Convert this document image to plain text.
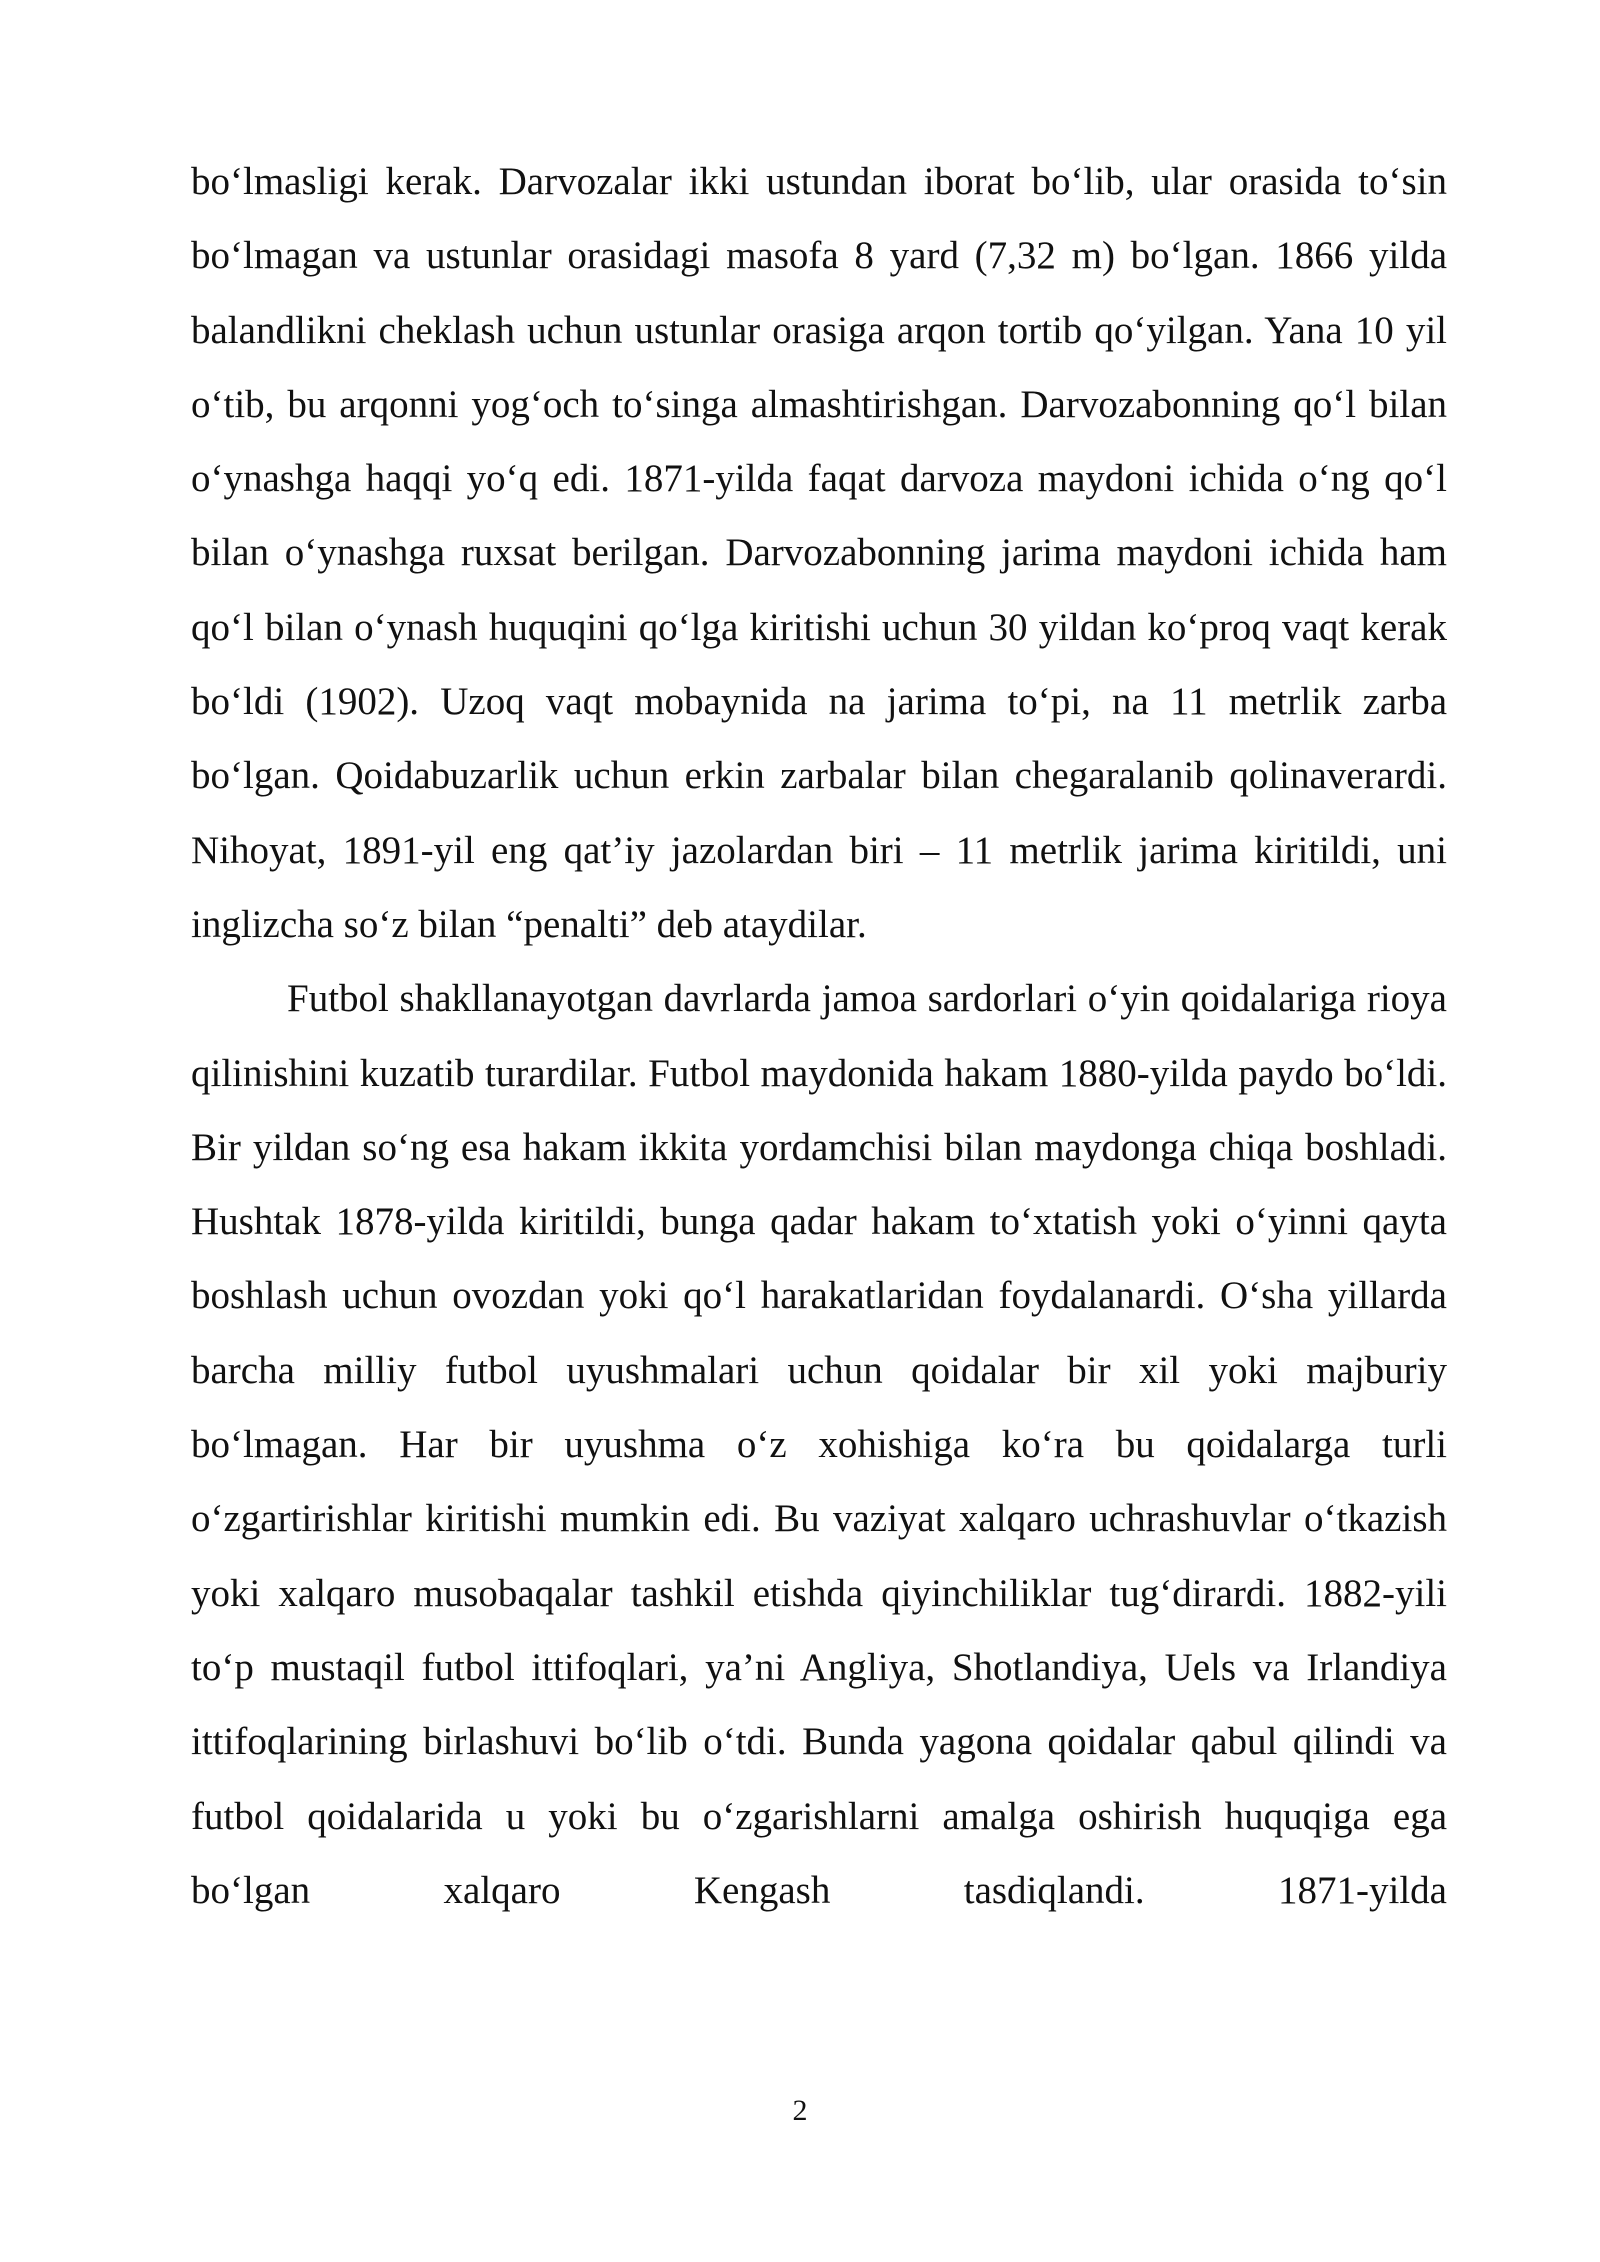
bo‘lmasligi kerak. Darvozalar ikki ustundan iborat bo‘lib, ular orasida to‘sin bo‘lmagan va ustunlar orasidagi masofa 8 yard (7,32 m) bo‘lgan. 1866 yilda balandlikni cheklash uchun ustunlar orasiga arqon tortib qo‘yilgan. Yana 10 yil o‘tib, bu arqonni yog‘och to‘singa almashtirishgan. Darvozabonning qo‘l bilan o‘ynashga haqqi yo‘q edi. 1871-yilda faqat darvoza maydoni ichida o‘ng qo‘l bilan o‘ynashga ruxsat berilgan. Darvozabonning jarima maydoni ichida ham qo‘l bilan o‘ynash huquqini qo‘lga kiritishi uchun 30 yildan ko‘proq vaqt kerak bo‘ldi (1902). Uzoq vaqt mobaynida na jarima to‘pi, na 11 metrlik zarba bo‘lgan. Qoidabuzarlik uchun erkin zarbalar bilan chegaralanib qolinaverardi. Nihoyat, 1891-yil eng qat’iy jazolardan biri – 11 metrlik jarima kiritildi, uni inglizcha so‘z bilan “penalti” deb ataydilar.

Futbol shakllanayotgan davrlarda jamoa sardorlari o‘yin qoidalariga rioya qilinishini kuzatib turardilar. Futbol maydonida hakam 1880-yilda paydo bo‘ldi. Bir yildan so‘ng esa hakam ikkita yordamchisi bilan maydonga chiqa boshladi. Hushtak 1878-yilda kiritildi, bunga qadar hakam to‘xtatish yoki o‘yinni qayta boshlash uchun ovozdan yoki qo‘l harakatlaridan foydalanardi. O‘sha yillarda barcha milliy futbol uyushmalari uchun qoidalar bir xil yoki majburiy bo‘lmagan. Har bir uyushma o‘z xohishiga ko‘ra bu qoidalarga turli o‘zgartirishlar kiritishi mumkin edi. Bu vaziyat xalqaro uchrashuvlar o‘tkazish yoki xalqaro musobaqalar tashkil etishda qiyinchiliklar tug‘dirardi. 1882-yili to‘p mustaqil futbol ittifoqlari, ya’ni Angliya, Shotlandiya, Uels va Irlandiya ittifoqlarining birlashuvi bo‘lib o‘tdi. Bunda yagona qoidalar qabul qilindi va futbol qoidalarida u yoki bu o‘zgarishlarni amalga oshirish huquqiga ega bo‘lgan xalqaro Kengash tasdiqlandi. 1871-yilda

2
